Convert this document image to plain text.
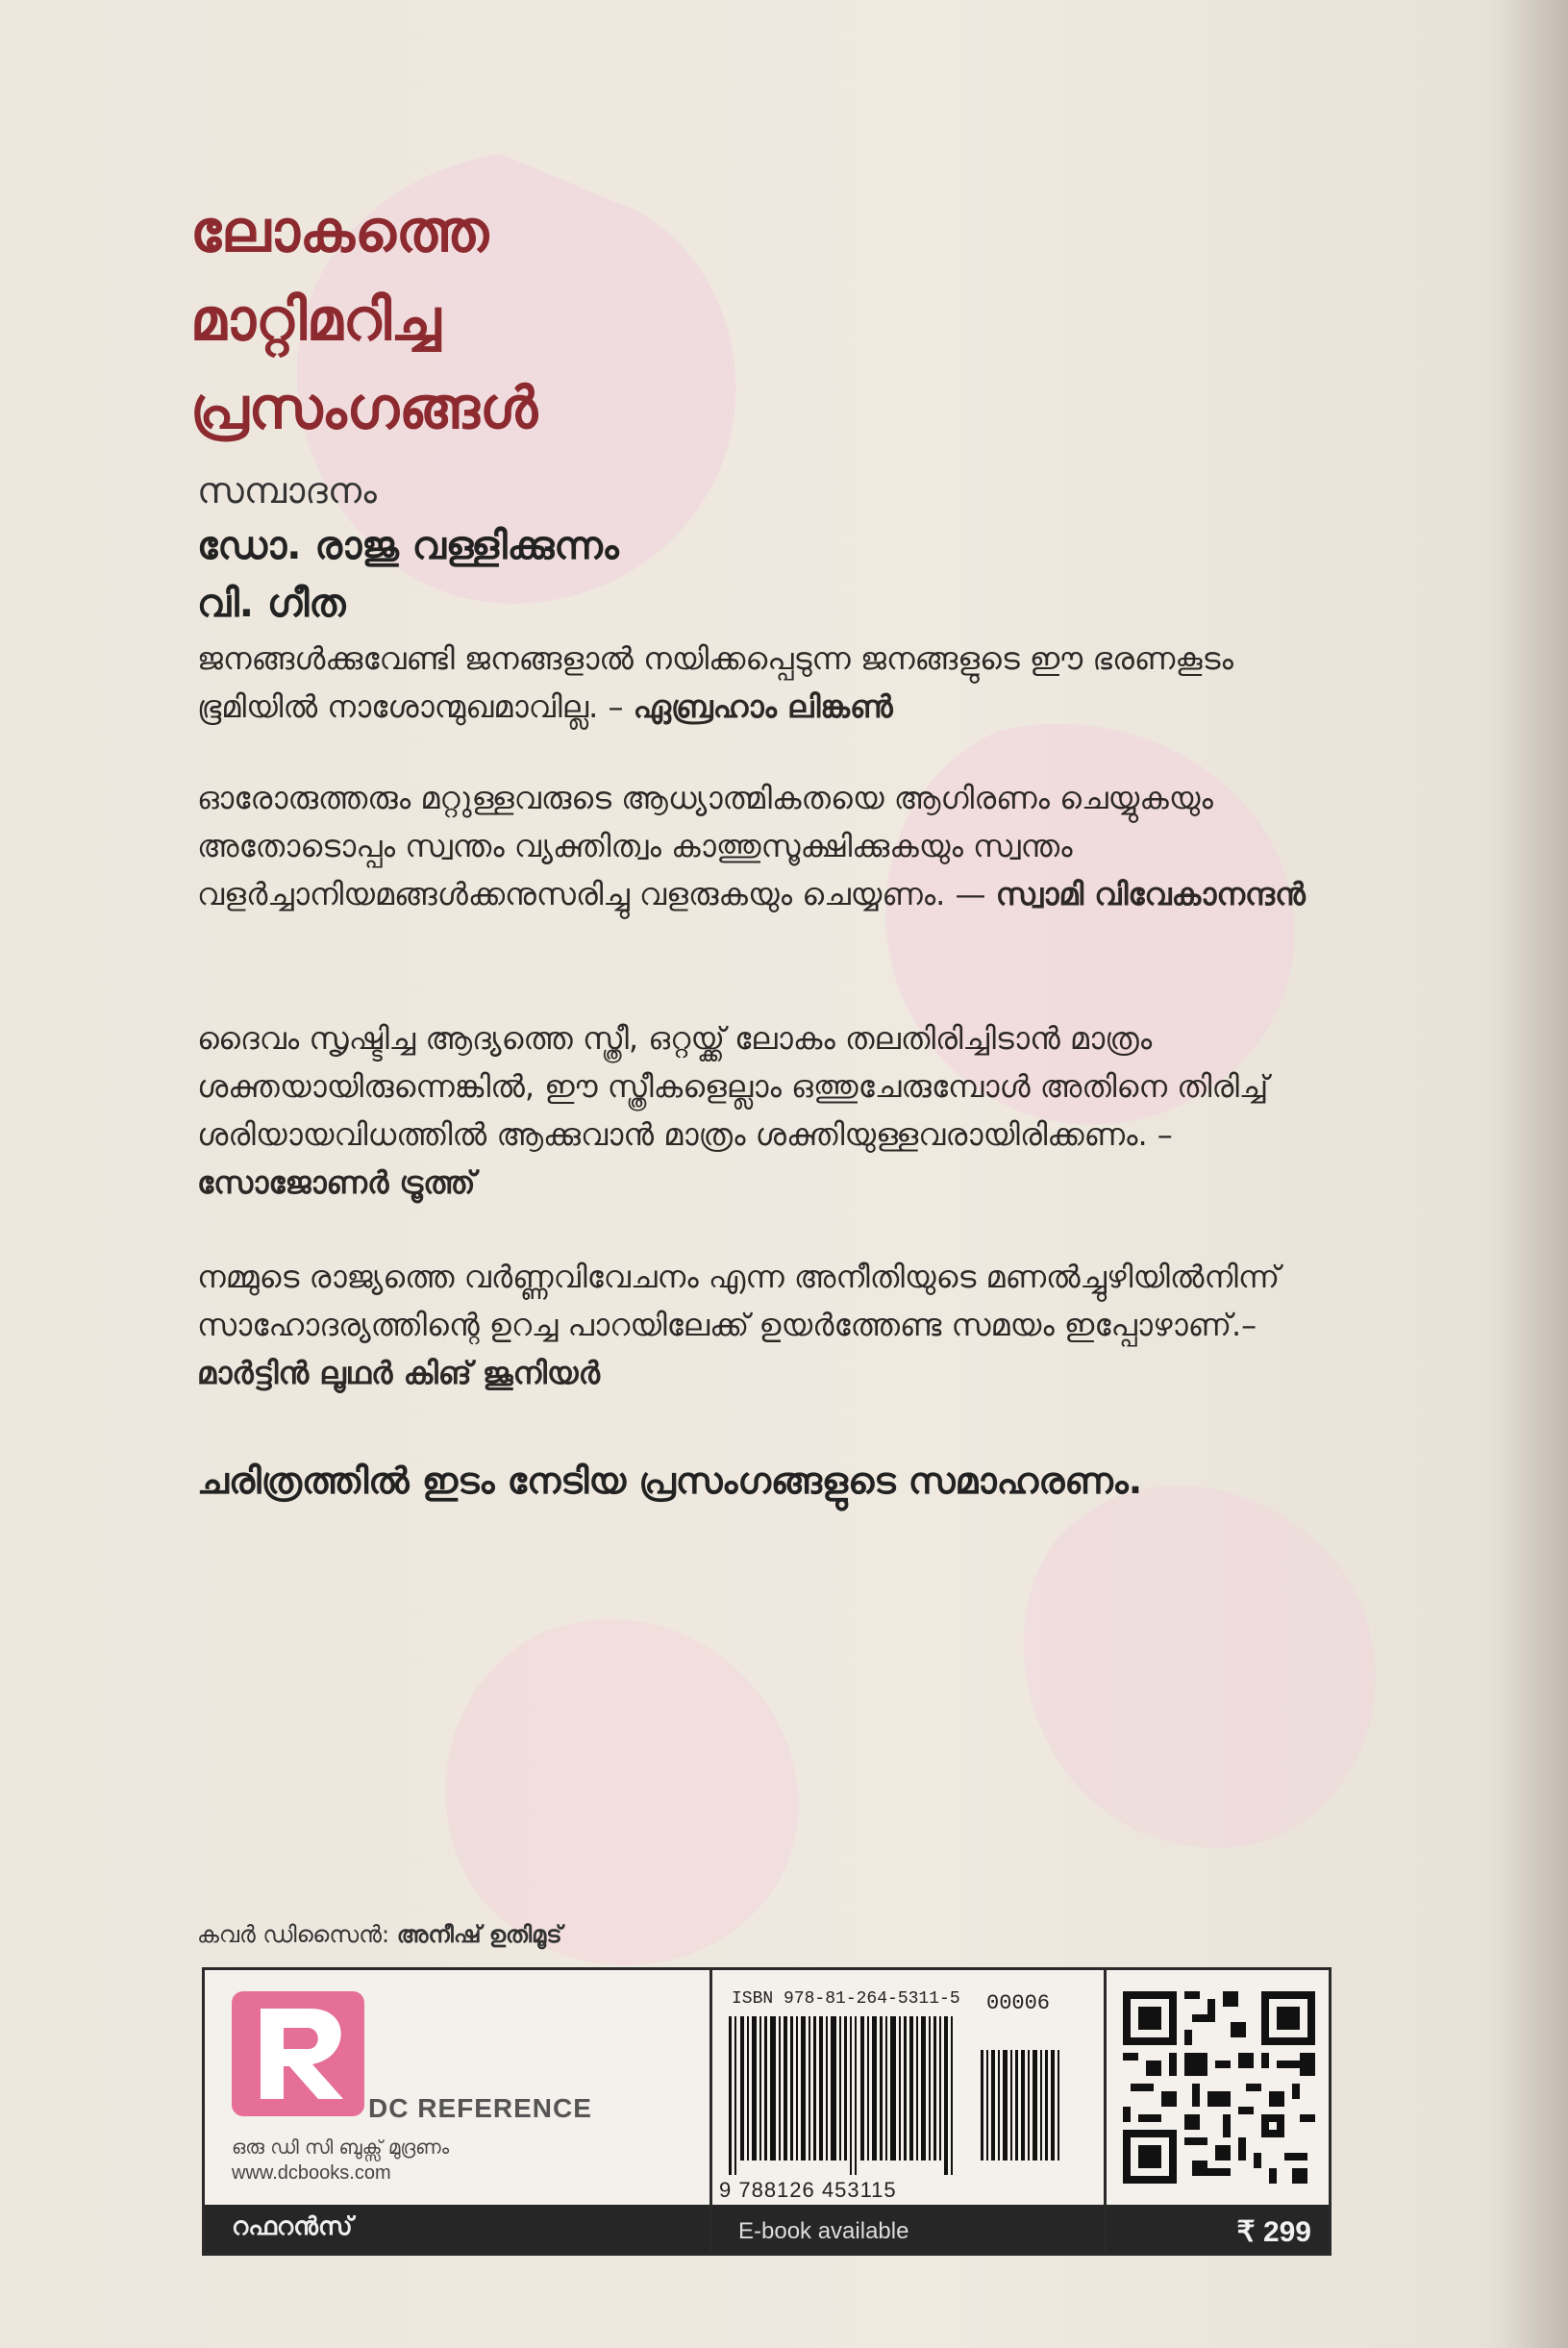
ലോകത്തെ
മാറ്റിമറിച്ച
പ്രസംഗങ്ങൾ
സമ്പാദനം
ഡോ. രാജു വള്ളിക്കുന്നം
വി. ഗീത
ജനങ്ങൾക്കുവേണ്ടി ജനങ്ങളാൽ നയിക്കപ്പെടുന്ന ജനങ്ങളുടെ ഈ ഭരണകൂടം ഭൂമിയിൽ നാശോന്മുഖമാവില്ല. – ഏബ്രഹാം ലിങ്കൺ
ഓരോരുത്തരും മറ്റുള്ളവരുടെ ആധ്യാത്മികതയെ ആഗിരണം ചെയ്യുകയും അതോടൊപ്പം സ്വന്തം വ്യക്തിത്വം കാത്തുസൂക്ഷിക്കുകയും സ്വന്തം വളർച്ചാനിയമങ്ങൾക്കനുസരിച്ചു വളരുകയും ചെയ്യണം. — സ്വാമി വിവേകാനന്ദൻ
ദൈവം സൃഷ്ടിച്ച ആദ്യത്തെ സ്ത്രീ, ഒറ്റയ്ക്ക് ലോകം തലതിരിച്ചിടാൻ മാത്രം ശക്തയായിരുന്നെങ്കിൽ, ഈ സ്ത്രീകളെല്ലാം ഒത്തുചേരുമ്പോൾ അതിനെ തിരിച്ച് ശരിയായവിധത്തിൽ ആക്കുവാൻ മാത്രം ശക്തിയുള്ളവരായിരിക്കണം. – സോജോണർ ട്രൂത്ത്
നമ്മുടെ രാജ്യത്തെ വർണ്ണവിവേചനം എന്ന അനീതിയുടെ മണൽച്ചുഴിയിൽനിന്ന് സാഹോദര്യത്തിന്റെ ഉറച്ച പാറയിലേക്ക് ഉയർത്തേണ്ട സമയം ഇപ്പോഴാണ്.– മാർട്ടിൻ ലൂഥർ കിങ് ജൂനിയർ
ചരിത്രത്തിൽ ഇടം നേടിയ പ്രസംഗങ്ങളുടെ സമാഹരണം.
കവർ ഡിസൈൻ: അനീഷ് ഉതിമൂട്
DC REFERENCE
ഒരു ഡി സി ബുക്സ് മുദ്രണം
www.dcbooks.com
റഫറൻസ്
ISBN 978-81-264-5311-5 00006
9 788126 453115
E-book available	₹ 299
